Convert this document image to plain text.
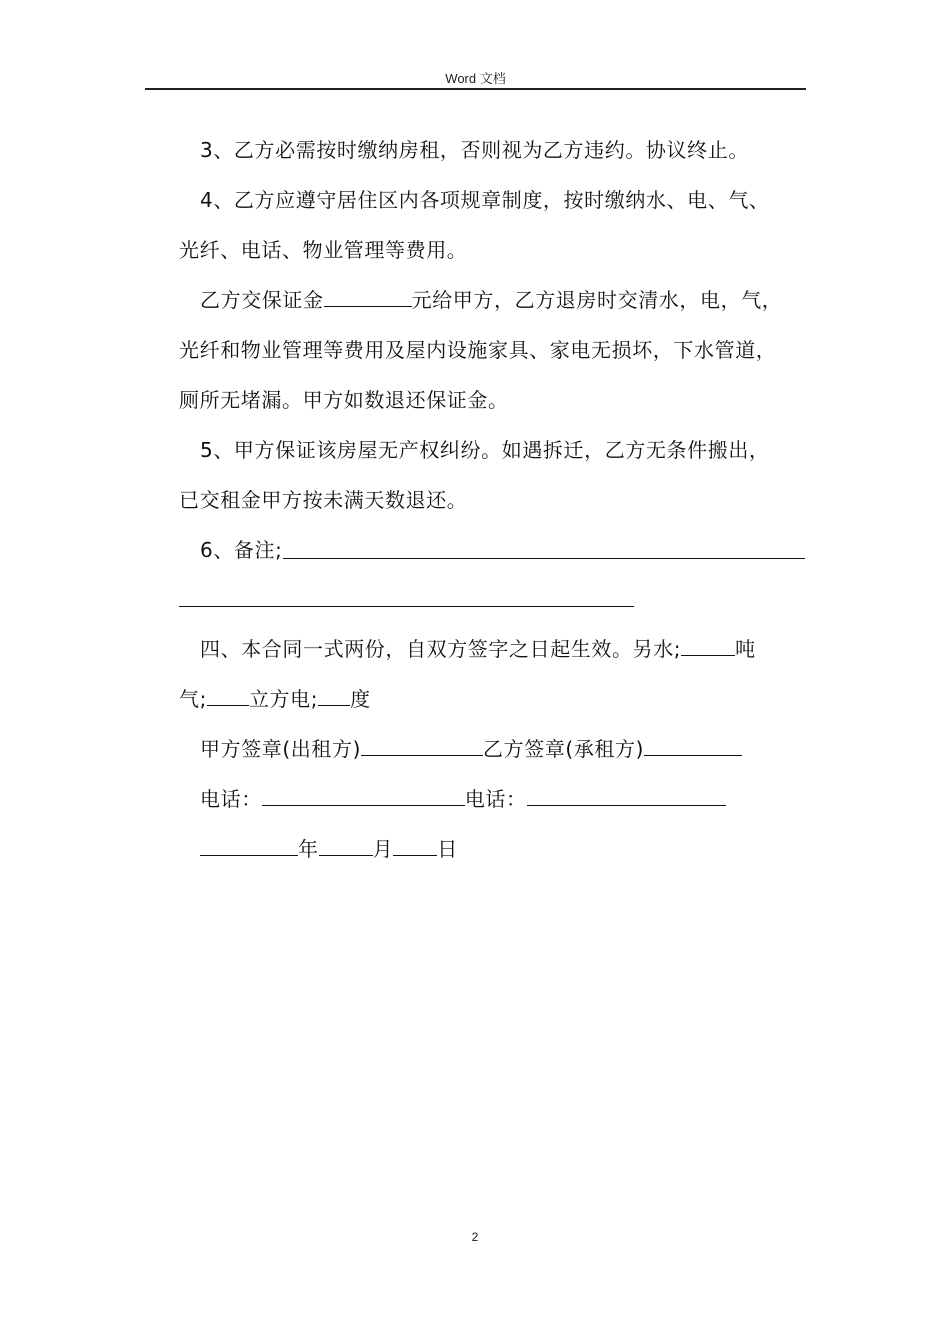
Word 文档
3、乙方必需按时缴纳房租，否则视为乙方违约。协议终止。
4、乙方应遵守居住区内各项规章制度，按时缴纳水、电、气、
光纤、电话、物业管理等费用。
乙方交保证金	元给甲方，乙方退房时交清水，电，气，
光纤和物业管理等费用及屋内设施家具、家电无损坏，下水管道，
厕所无堵漏。甲方如数退还保证金。
5、甲方保证该房屋无产权纠纷。如遇拆迁，乙方无条件搬出，
已交租金甲方按未满天数退还。
6、备注;
四、本合同一式两份，自双方签字之日起生效。另水;	吨
气; 立方电; 度
甲方签章(出租方)	乙方签章(承租方)
电话：	电话：
年	月 日
2
